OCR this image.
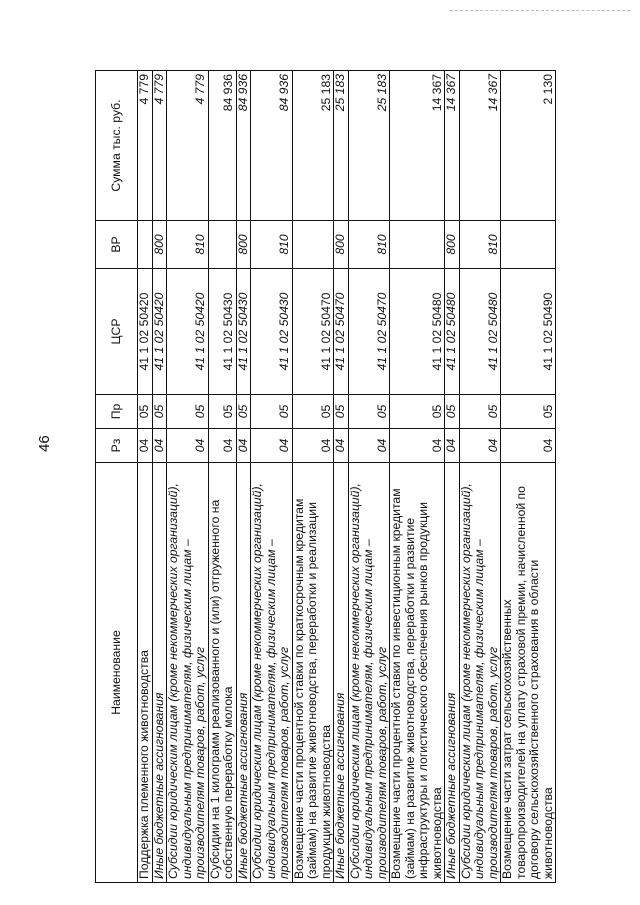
46
Наименование	Рз	Пр	ЦСР	ВР	Сумма тыс. руб.
Поддержка племенного животноводства	04	05	41 1 02 50420		4 779
Иные бюджетные ассигнования	04	05	41 1 02 50420	800	4 779
Субсидии юридическим лицам (кроме некоммерческих организаций), индивидуальным предпринимателям, физическим лицам – производителям товаров, работ, услуг	04	05	41 1 02 50420	810	4 779
Субсидии на 1 килограмм реализованного и (или) отгруженного на собственную переработку молока	04	05	41 1 02 50430		84 936
Иные бюджетные ассигнования	04	05	41 1 02 50430	800	84 936
Субсидии юридическим лицам (кроме некоммерческих организаций), индивидуальным предпринимателям, физическим лицам – производителям товаров, работ, услуг	04	05	41 1 02 50430	810	84 936
Возмещение части процентной ставки по краткосрочным кредитам (займам) на развитие животноводства, переработки и реализации продукции животноводства	04	05	41 1 02 50470		25 183
Иные бюджетные ассигнования	04	05	41 1 02 50470	800	25 183
Субсидии юридическим лицам (кроме некоммерческих организаций), индивидуальным предпринимателям, физическим лицам – производителям товаров, работ, услуг	04	05	41 1 02 50470	810	25 183
Возмещение части процентной ставки по инвестиционным кредитам (займам) на развитие животноводства, переработки и развитие инфраструктуры и логистического обеспечения рынков продукции животноводства	04	05	41 1 02 50480		14 367
Иные бюджетные ассигнования	04	05	41 1 02 50480	800	14 367
Субсидии юридическим лицам (кроме некоммерческих организаций), индивидуальным предпринимателям, физическим лицам – производителям товаров, работ, услуг	04	05	41 1 02 50480	810	14 367
Возмещение части затрат сельскохозяйственных товаропроизводителей на уплату страховой премии, начисленной по договору сельскохозяйственного страхования в области животноводства	04	05	41 1 02 50490		2 130
